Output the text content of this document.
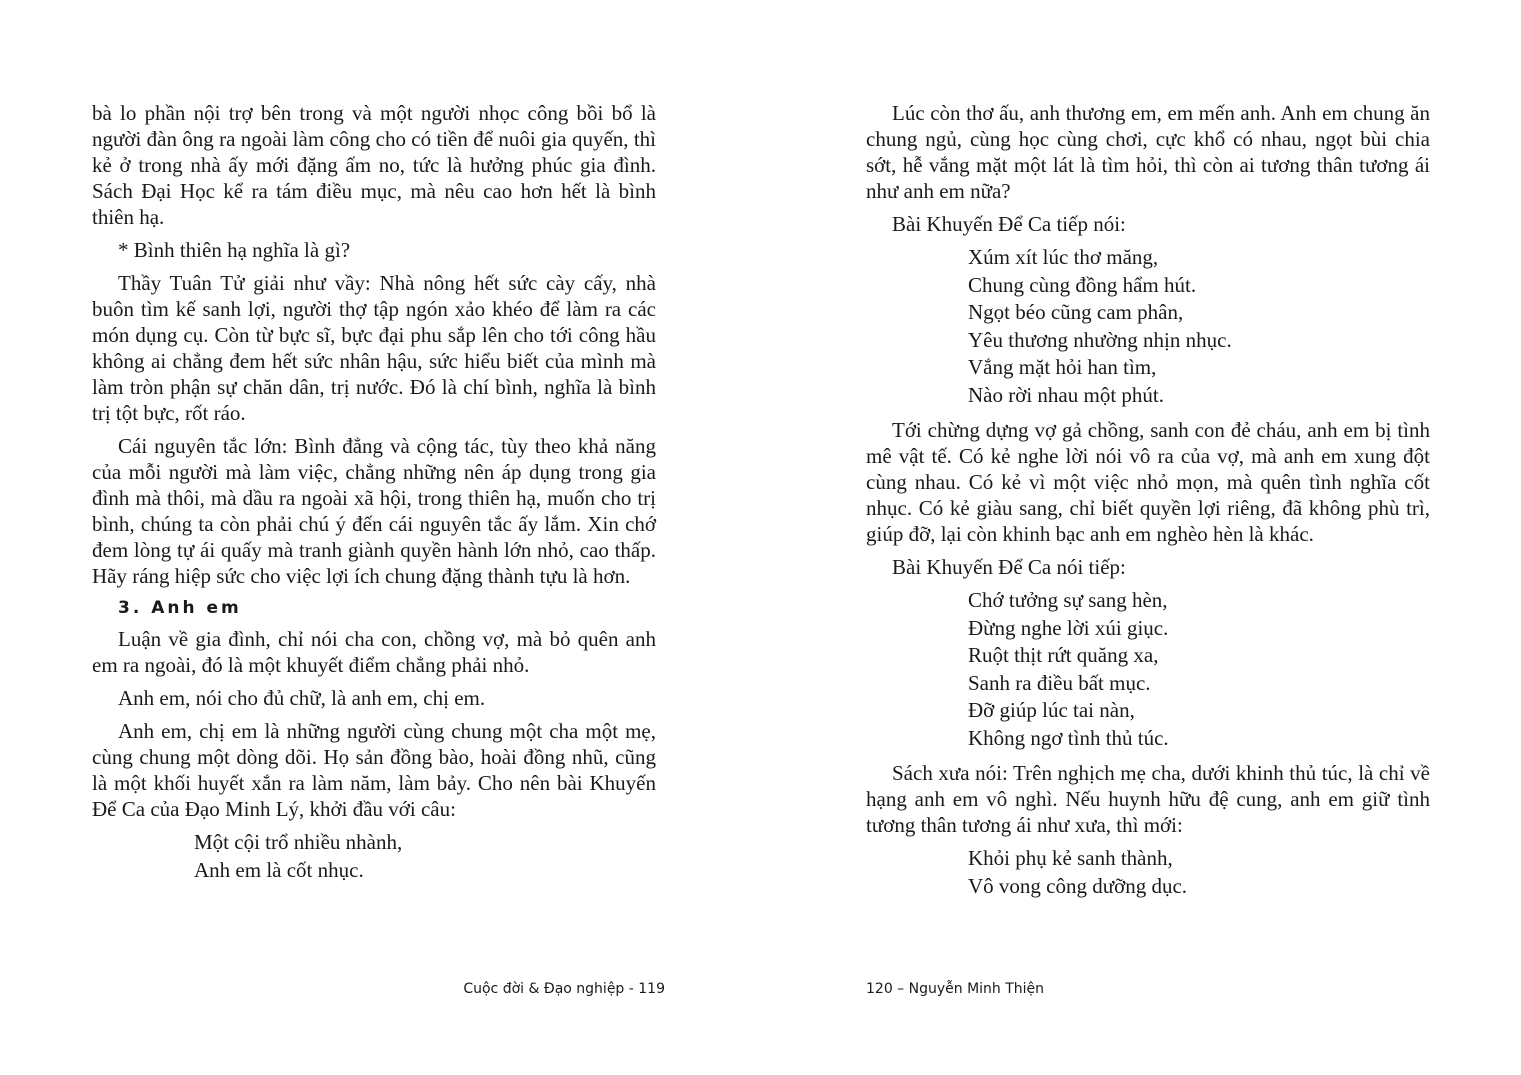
bà lo phần nội trợ bên trong và một người nhọc công bồi bổ là người đàn ông ra ngoài làm công cho có tiền để nuôi gia quyến, thì kẻ ở trong nhà ấy mới đặng ấm no, tức là hưởng phúc gia đình. Sách Đại Học kể ra tám điều mục, mà nêu cao hơn hết là bình thiên hạ.

* Bình thiên hạ nghĩa là gì?

Thầy Tuân Tử giải như vầy: Nhà nông hết sức cày cấy, nhà buôn tìm kế sanh lợi, người thợ tập ngón xảo khéo để làm ra các món dụng cụ. Còn từ bực sĩ, bực đại phu sắp lên cho tới công hầu không ai chẳng đem hết sức nhân hậu, sức hiểu biết của mình mà làm tròn phận sự chăn dân, trị nước. Đó là chí bình, nghĩa là bình trị tột bực, rốt ráo.

Cái nguyên tắc lớn: Bình đẳng và cộng tác, tùy theo khả năng của mỗi người mà làm việc, chẳng những nên áp dụng trong gia đình mà thôi, mà dầu ra ngoài xã hội, trong thiên hạ, muốn cho trị bình, chúng ta còn phải chú ý đến cái nguyên tắc ấy lắm. Xin chớ đem lòng tự ái quấy mà tranh giành quyền hành lớn nhỏ, cao thấp. Hãy ráng hiệp sức cho việc lợi ích chung đặng thành tựu là hơn.

3. Anh em

Luận về gia đình, chỉ nói cha con, chồng vợ, mà bỏ quên anh em ra ngoài, đó là một khuyết điểm chẳng phải nhỏ.

Anh em, nói cho đủ chữ, là anh em, chị em.

Anh em, chị em là những người cùng chung một cha một mẹ, cùng chung một dòng dõi. Họ sản đồng bào, hoài đồng nhũ, cũng là một khối huyết xắn ra làm năm, làm bảy. Cho nên bài Khuyến Để Ca của Đạo Minh Lý, khởi đầu với câu:

Một cội trổ nhiều nhành,
Anh em là cốt nhục.

Lúc còn thơ ấu, anh thương em, em mến anh. Anh em chung ăn chung ngủ, cùng học cùng chơi, cực khổ có nhau, ngọt bùi chia sớt, hễ vắng mặt một lát là tìm hỏi, thì còn ai tương thân tương ái như anh em nữa?

Bài Khuyến Để Ca tiếp nói:

Xúm xít lúc thơ măng,
Chung cùng đồng hẩm hút.
Ngọt béo cũng cam phân,
Yêu thương nhường nhịn nhục.
Vắng mặt hỏi han tìm,
Nào rời nhau một phút.

Tới chừng dựng vợ gả chồng, sanh con đẻ cháu, anh em bị tình mê vật tế. Có kẻ nghe lời nói vô ra của vợ, mà anh em xung đột cùng nhau. Có kẻ vì một việc nhỏ mọn, mà quên tình nghĩa cốt nhục. Có kẻ giàu sang, chỉ biết quyền lợi riêng, đã không phù trì, giúp đỡ, lại còn khinh bạc anh em nghèo hèn là khác.

Bài Khuyến Để Ca nói tiếp:

Chớ tưởng sự sang hèn,
Đừng nghe lời xúi giục.
Ruột thịt rứt quăng xa,
Sanh ra điều bất mục.
Đỡ giúp lúc tai nàn,
Không ngơ tình thủ túc.

Sách xưa nói: Trên nghịch mẹ cha, dưới khinh thủ túc, là chỉ về hạng anh em vô nghì. Nếu huynh hữu đệ cung, anh em giữ tình tương thân tương ái như xưa, thì mới:

Khỏi phụ kẻ sanh thành,
Vô vong công dưỡng dục.
Cuộc đời & Đạo nghiệp - 119	120 – Nguyễn Minh Thiện
